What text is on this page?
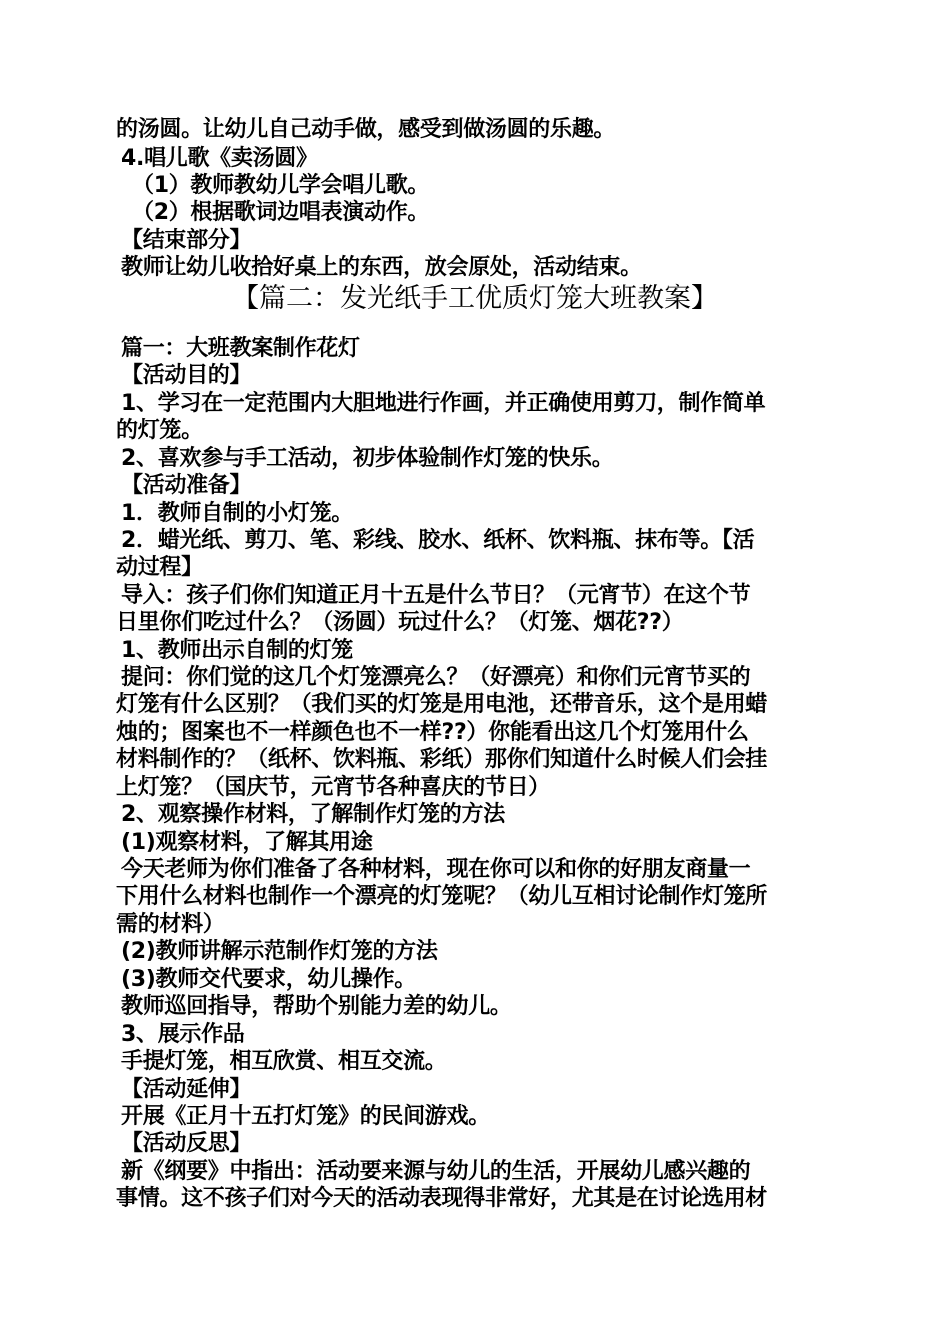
的汤圆。让幼儿自己动手做，感受到做汤圆的乐趣。
4.唱儿歌《卖汤圆》
（1）教师教幼儿学会唱儿歌。
（2）根据歌词边唱表演动作。
【结束部分】
教师让幼儿收拾好桌上的东西，放会原处，活动结束。
【篇二：发光纸手工优质灯笼大班教案】
篇一：大班教案制作花灯
【活动目的】
1、学习在一定范围内大胆地进行作画，并正确使用剪刀，制作简单
的灯笼。
2、喜欢参与手工活动，初步体验制作灯笼的快乐。
【活动准备】
1．教师自制的小灯笼。
2．蜡光纸、剪刀、笔、彩线、胶水、纸杯、饮料瓶、抹布等。【活
动过程】
导入：孩子们你们知道正月十五是什么节日？（元宵节）在这个节
日里你们吃过什么？（汤圆）玩过什么？（灯笼、烟花??）
1、教师出示自制的灯笼
提问：你们觉的这几个灯笼漂亮么？（好漂亮）和你们元宵节买的
灯笼有什么区别？（我们买的灯笼是用电池，还带音乐，这个是用蜡
烛的；图案也不一样颜色也不一样??）你能看出这几个灯笼用什么
材料制作的？（纸杯、饮料瓶、彩纸）那你们知道什么时候人们会挂
上灯笼？（国庆节，元宵节各种喜庆的节日）
2、观察操作材料，了解制作灯笼的方法
(1)观察材料，了解其用途
今天老师为你们准备了各种材料，现在你可以和你的好朋友商量一
下用什么材料也制作一个漂亮的灯笼呢？（幼儿互相讨论制作灯笼所
需的材料）
(2)教师讲解示范制作灯笼的方法
(3)教师交代要求，幼儿操作。
教师巡回指导，帮助个别能力差的幼儿。
3、展示作品
手提灯笼，相互欣赏、相互交流。
【活动延伸】
开展《正月十五打灯笼》的民间游戏。
【活动反思】
新《纲要》中指出：活动要来源与幼儿的生活，开展幼儿感兴趣的
事情。这不孩子们对今天的活动表现得非常好，尤其是在讨论选用材
